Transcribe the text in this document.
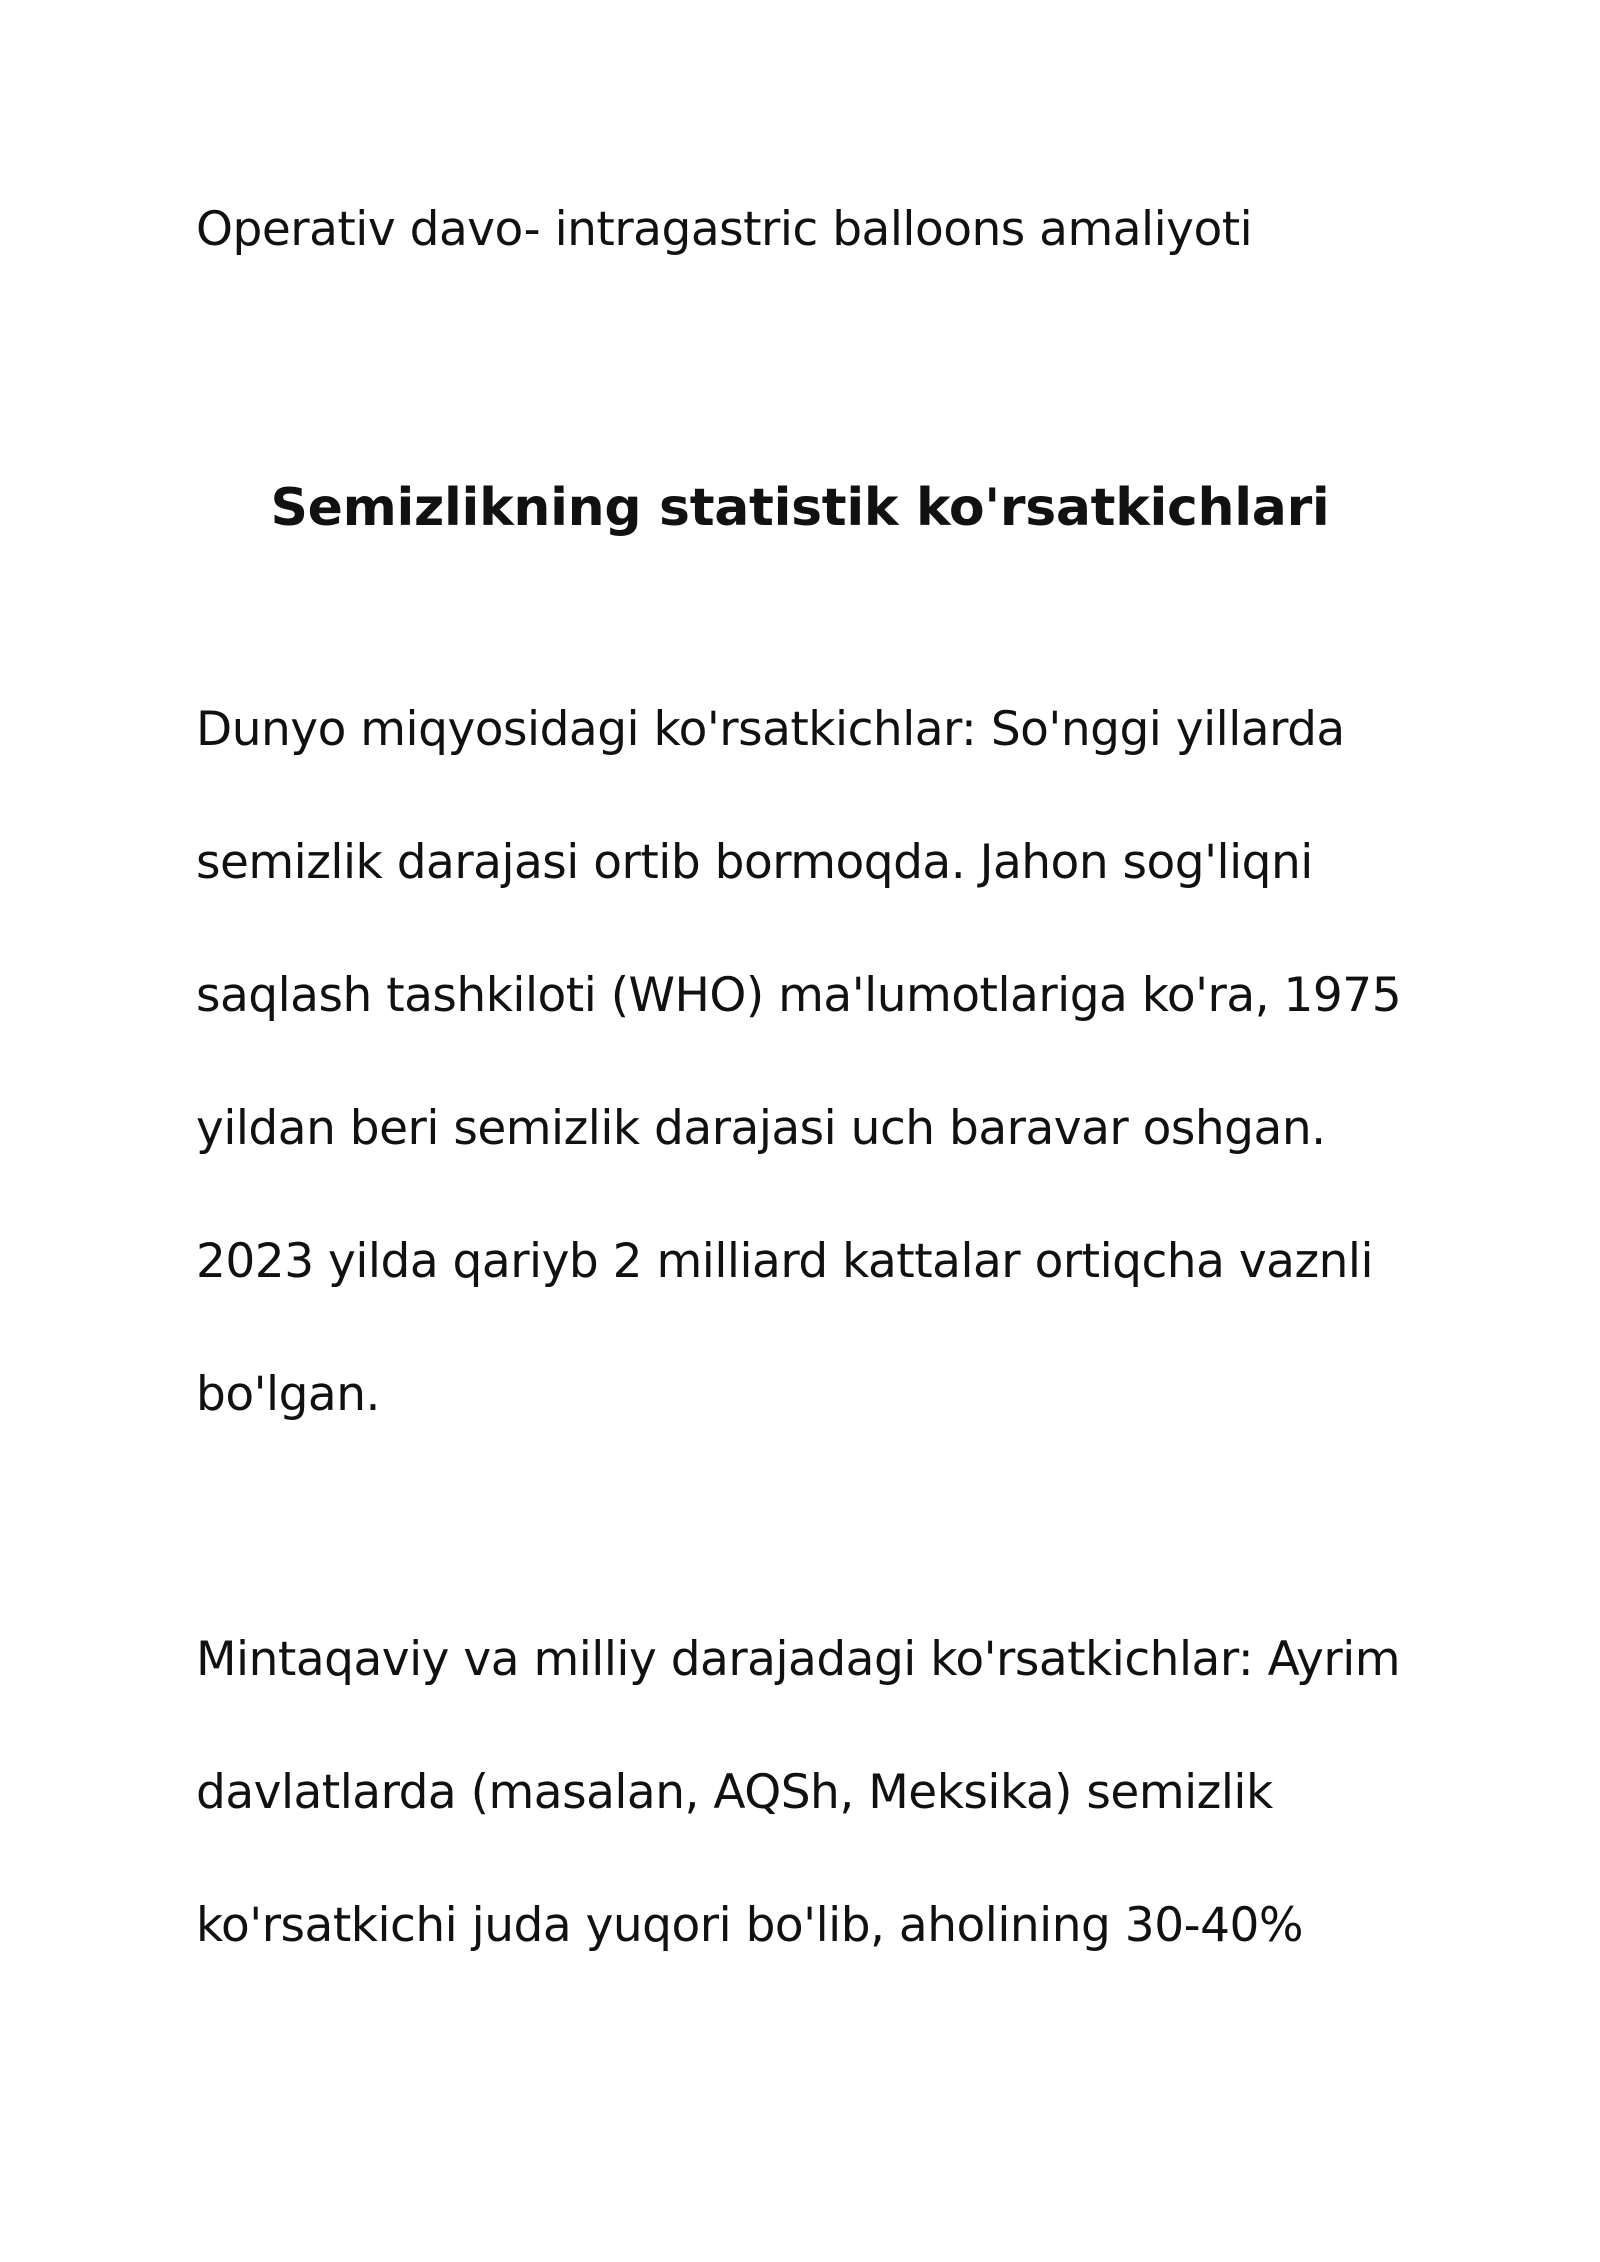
Operativ davo- intragastric balloons amaliyoti
Semizlikning statistik ko'rsatkichlari
Dunyo miqyosidagi ko'rsatkichlar: So'nggi yillarda
semizlik darajasi ortib bormoqda. Jahon sog'liqni
saqlash tashkiloti (WHO) ma'lumotlariga ko'ra, 1975
yildan beri semizlik darajasi uch baravar oshgan.
2023 yilda qariyb 2 milliard kattalar ortiqcha vaznli
bo'lgan.
Mintaqaviy va milliy darajadagi ko'rsatkichlar: Ayrim
davlatlarda (masalan, AQSh, Meksika) semizlik
ko'rsatkichi juda yuqori bo'lib, aholining 30-40%
